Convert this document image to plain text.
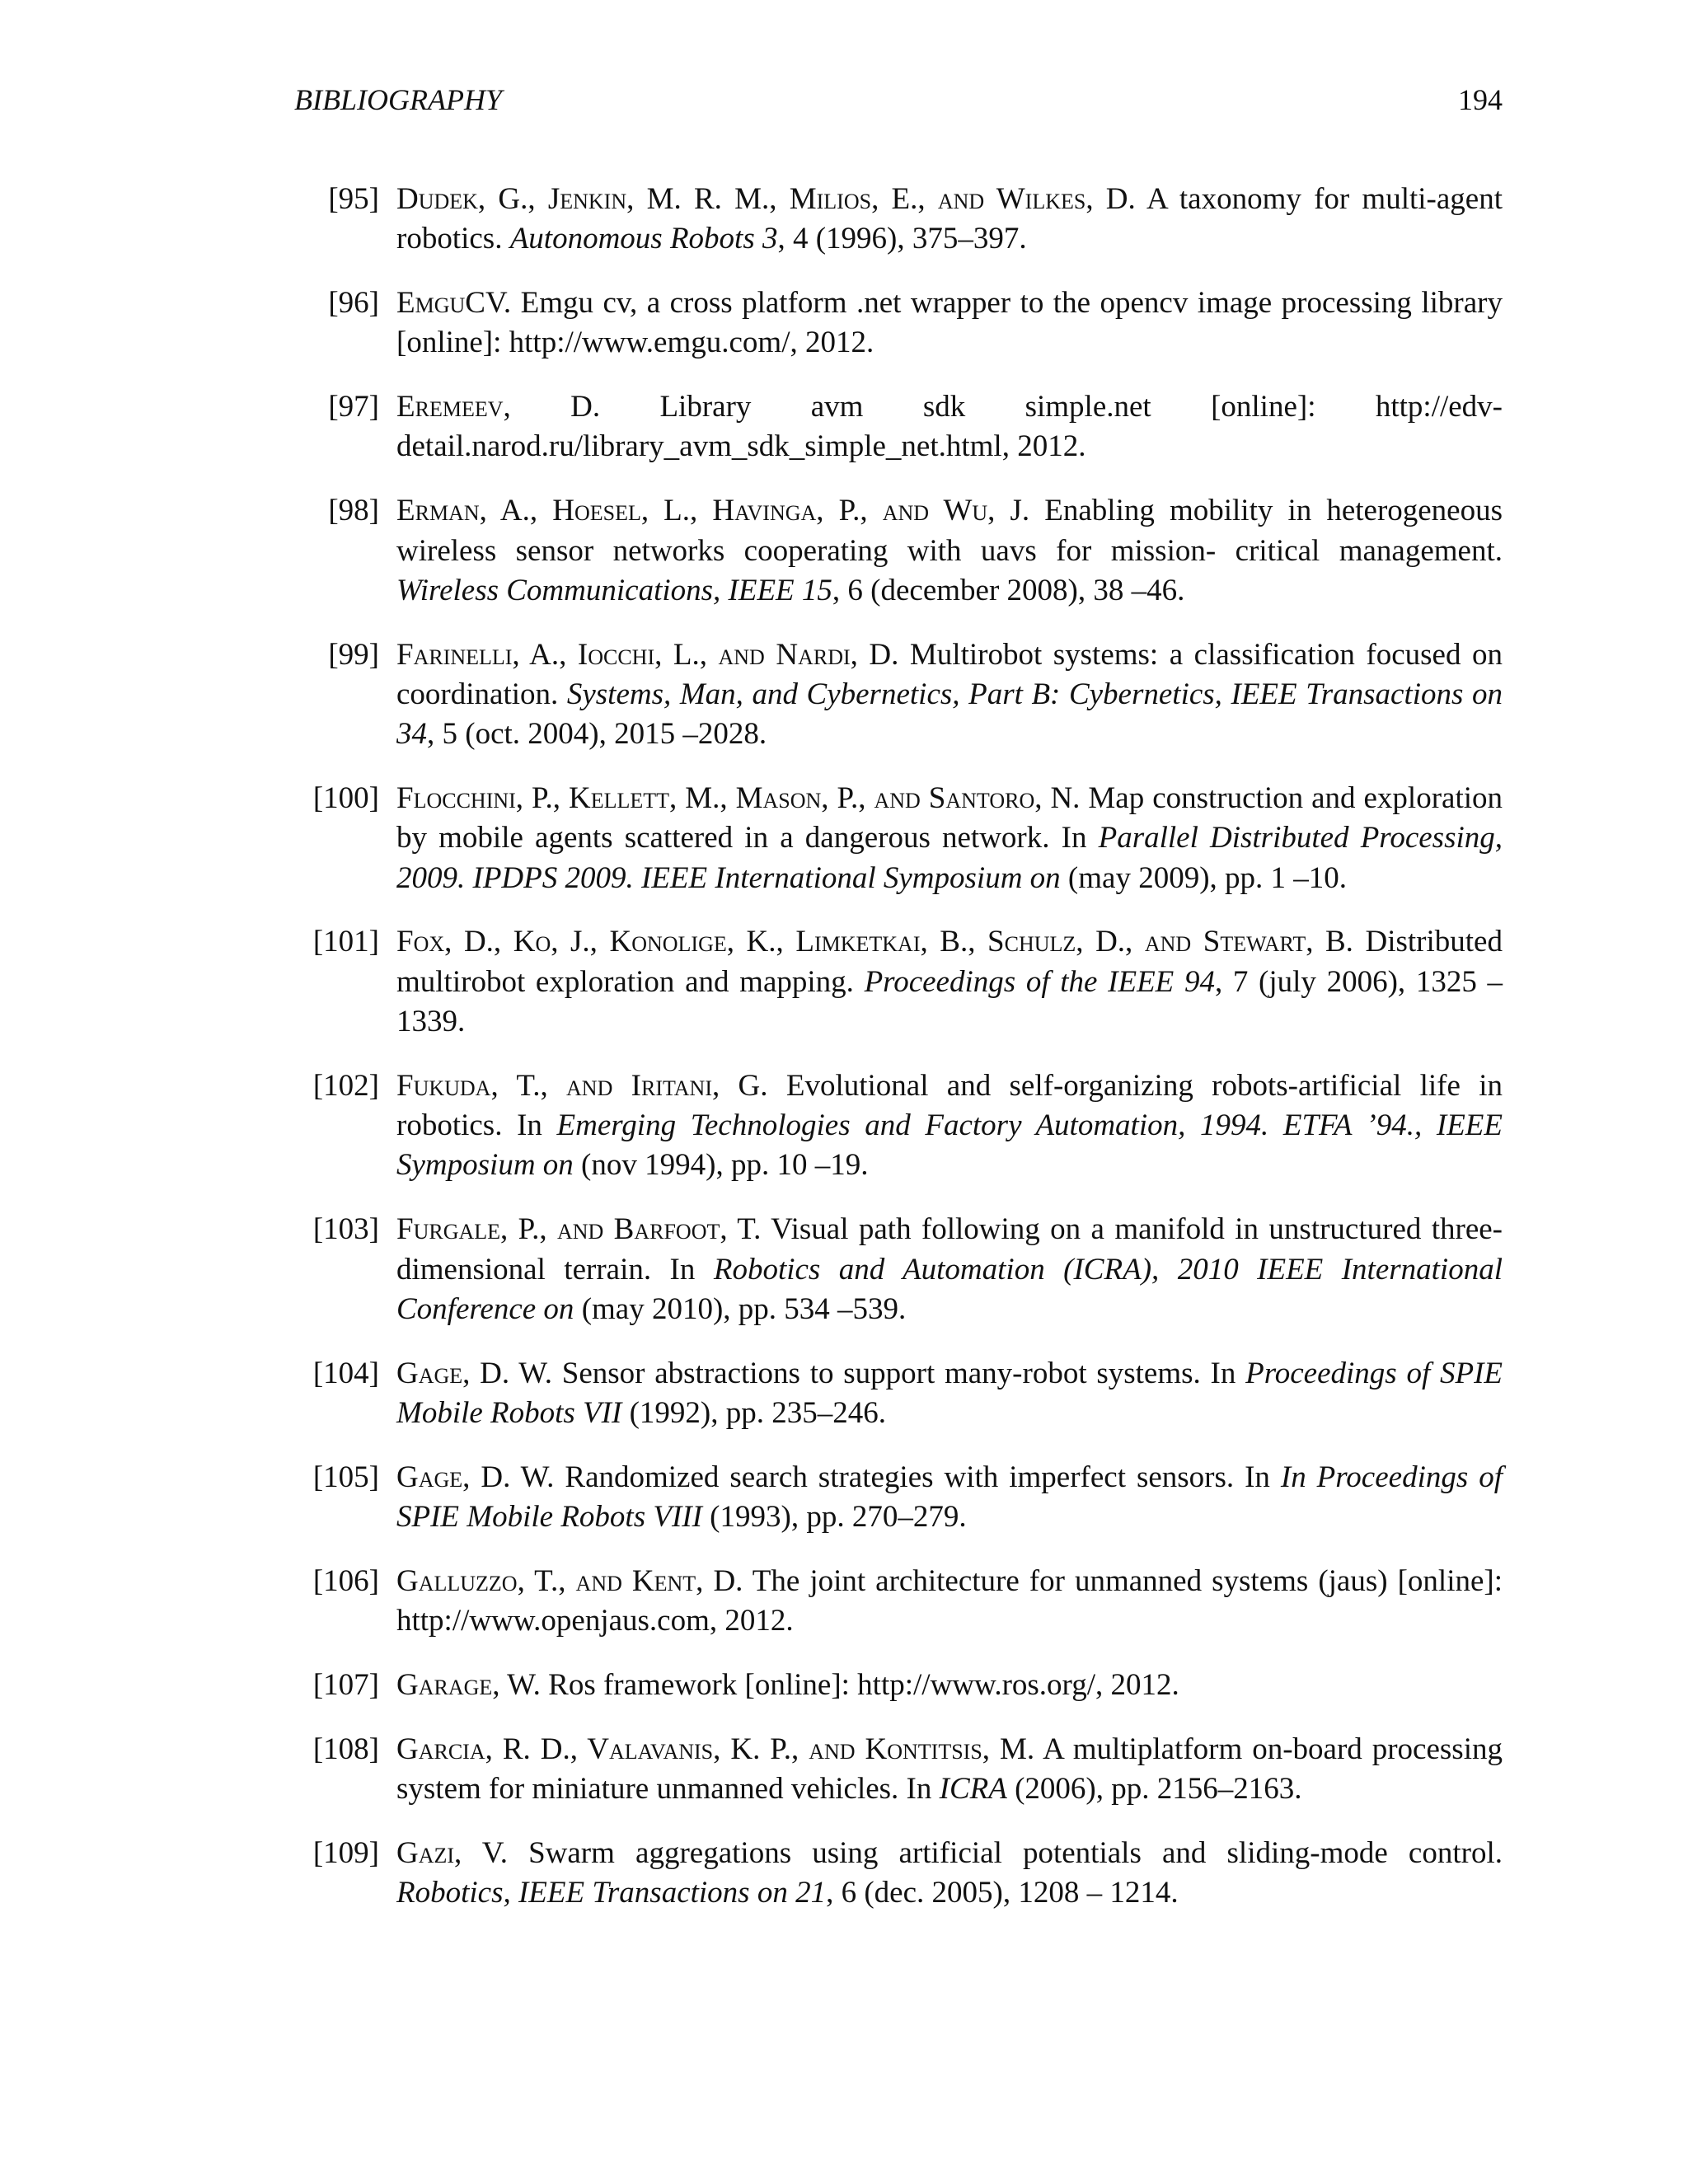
BIBLIOGRAPHY	194
[95] Dudek, G., Jenkin, M. R. M., Milios, E., and Wilkes, D. A taxonomy for multi-agent robotics. Autonomous Robots 3, 4 (1996), 375–397.
[96] EmguCV. Emgu cv, a cross platform .net wrapper to the opencv image processing library [online]: http://www.emgu.com/, 2012.
[97] Eremeev, D. Library avm sdk simple.net [online]: http://edv-detail.narod.ru/library_avm_sdk_simple_net.html, 2012.
[98] Erman, A., Hoesel, L., Havinga, P., and Wu, J. Enabling mobility in heterogeneous wireless sensor networks cooperating with uavs for mission- critical management. Wireless Communications, IEEE 15, 6 (december 2008), 38 –46.
[99] Farinelli, A., Iocchi, L., and Nardi, D. Multirobot systems: a classification focused on coordination. Systems, Man, and Cybernetics, Part B: Cybernetics, IEEE Transactions on 34, 5 (oct. 2004), 2015 –2028.
[100] Flocchini, P., Kellett, M., Mason, P., and Santoro, N. Map construction and exploration by mobile agents scattered in a dangerous network. In Parallel Distributed Processing, 2009. IPDPS 2009. IEEE International Symposium on (may 2009), pp. 1 –10.
[101] Fox, D., Ko, J., Konolige, K., Limketkai, B., Schulz, D., and Stewart, B. Distributed multirobot exploration and mapping. Proceedings of the IEEE 94, 7 (july 2006), 1325 –1339.
[102] Fukuda, T., and Iritani, G. Evolutional and self-organizing robots-artificial life in robotics. In Emerging Technologies and Factory Automation, 1994. ETFA ’94., IEEE Symposium on (nov 1994), pp. 10 –19.
[103] Furgale, P., and Barfoot, T. Visual path following on a manifold in unstructured three-dimensional terrain. In Robotics and Automation (ICRA), 2010 IEEE International Conference on (may 2010), pp. 534 –539.
[104] Gage, D. W. Sensor abstractions to support many-robot systems. In Proceedings of SPIE Mobile Robots VII (1992), pp. 235–246.
[105] Gage, D. W. Randomized search strategies with imperfect sensors. In In Proceedings of SPIE Mobile Robots VIII (1993), pp. 270–279.
[106] Galluzzo, T., and Kent, D. The joint architecture for unmanned systems (jaus) [online]: http://www.openjaus.com, 2012.
[107] Garage, W. Ros framework [online]: http://www.ros.org/, 2012.
[108] Garcia, R. D., Valavanis, K. P., and Kontitsis, M. A multiplatform on-board processing system for miniature unmanned vehicles. In ICRA (2006), pp. 2156–2163.
[109] Gazi, V. Swarm aggregations using artificial potentials and sliding-mode control. Robotics, IEEE Transactions on 21, 6 (dec. 2005), 1208 – 1214.
